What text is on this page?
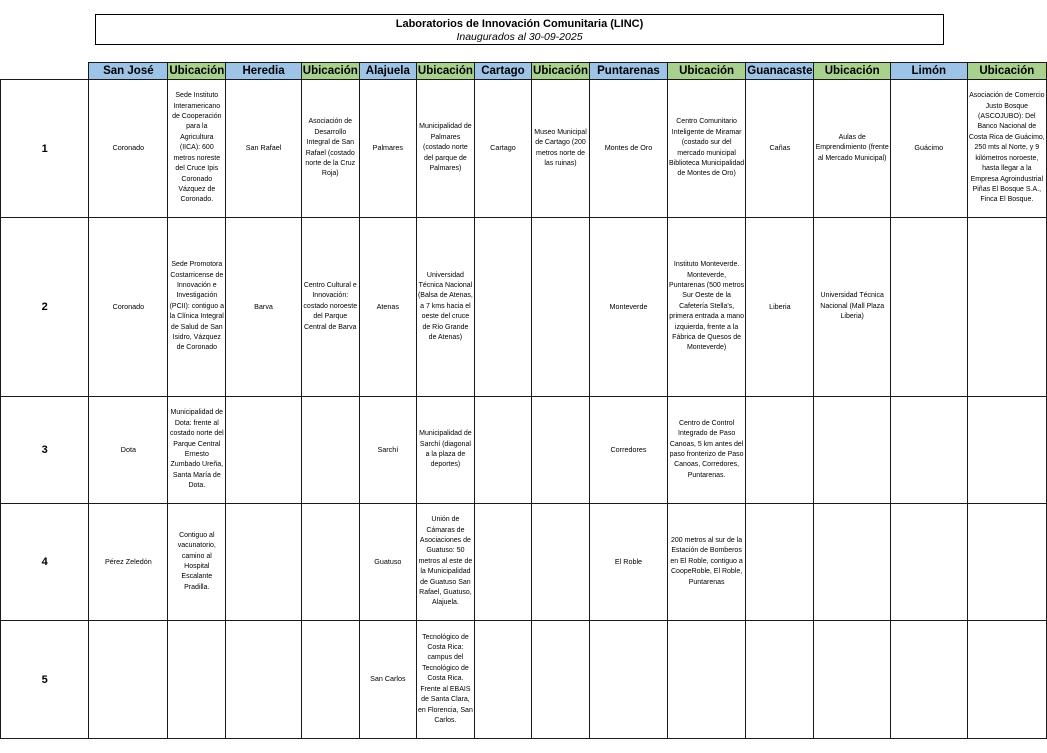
Laboratorios de Innovación Comunitaria (LINC)
Inaugurados al 30-09-2025
	San José	Ubicación	Heredia	Ubicación	Alajuela	Ubicación	Cartago	Ubicación	Puntarenas	Ubicación	Guanacaste	Ubicación	Limón	Ubicación
1	Coronado	Sede Instituto Interamericano de Cooperación para la Agricultura (IICA): 600 metros noreste del Cruce Ipis Coronado Vázquez de Coronado.	San Rafael	Asociación de Desarrollo Integral de San Rafael (costado norte de la Cruz Roja)	Palmares	Municipalidad de Palmares (costado norte del parque de Palmares)	Cartago	Museo Municipal de Cartago (200 metros norte de las ruinas)	Montes de Oro	Centro Comunitario Inteligente de Miramar (costado sur del mercado municipal Biblioteca Municipalidad de Montes de Oro)	Cañas	Aulas de Emprendimiento (frente al Mercado Municipal)	Guácimo	Asociación de Comercio Justo Bosque (ASCOJUBO): Del Banco Nacional de Costa Rica de Guácimo, 250 mts al Norte, y 9 kilómetros noroeste, hasta llegar a la Empresa Agroindustrial Piñas El Bosque S.A., Finca El Bosque.
2	Coronado	Sede Promotora Costarricense de Innovación e Investigación (PCII): contiguo a la Clínica Integral de Salud de San Isidro, Vázquez de Coronado	Barva	Centro Cultural e Innovación: costado noroeste del Parque Central de Barva	Atenas	Universidad Técnica Nacional (Balsa de Atenas, a 7 kms hacia el oeste del cruce de Río Grande de Atenas)			Monteverde	Instituto Monteverde. Monteverde, Puntarenas (500 metros Sur Oeste de la Cafetería Stella's, primera entrada a mano izquierda, frente a la Fábrica de Quesos de Monteverde)	Liberia	Universidad Técnica Nacional (Mall Plaza Liberia)		
3	Dota	Municipalidad de Dota: frente al costado norte del Parque Central Ernesto Zumbado Ureña, Santa María de Dota.			Sarchí	Municipalidad de Sarchí (diagonal a la plaza de deportes)			Corredores	Centro de Control Integrado de Paso Canoas, 5 km antes del paso fronterizo de Paso Canoas, Corredores, Puntarenas.				
4	Pérez Zeledón	Contiguo al vacunatorio, camino al Hospital Escalante Pradilla.			Guatuso	Unión de Cámaras de Asociaciones de Guatuso: 50 metros al este de la Municipalidad de Guatuso San Rafael, Guatuso, Alajuela.			El Roble	200 metros al sur de la Estación de Bomberos en El Roble, contiguo a CoopeRoble, El Roble, Puntarenas				
5					San Carlos	Tecnológico de Costa Rica: campus del Tecnológico de Costa Rica. Frente al EBAIS de Santa Clara, en Florencia, San Carlos.								
